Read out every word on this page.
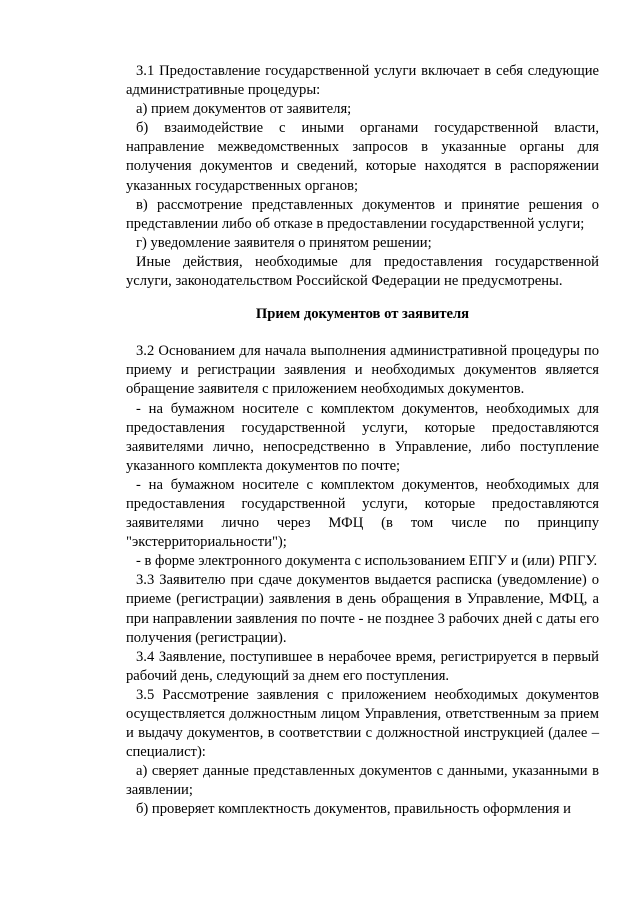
3.1 Предоставление государственной услуги включает в себя следующие административные процедуры:

а) прием документов от заявителя;

б) взаимодействие с иными органами государственной власти, направление межведомственных запросов в указанные органы для получения документов и сведений, которые находятся в распоряжении указанных государственных органов;

в) рассмотрение представленных документов и принятие решения о представлении либо об отказе в предоставлении государственной услуги;

г) уведомление заявителя о принятом решении;

Иные действия, необходимые для предоставления государственной услуги, законодательством Российской Федерации не предусмотрены.

Прием документов от заявителя

3.2 Основанием для начала выполнения административной процедуры по приему и регистрации заявления и необходимых документов является обращение заявителя с приложением необходимых документов.

- на бумажном носителе с комплектом документов, необходимых для предоставления государственной услуги, которые предоставляются заявителями лично, непосредственно в Управление, либо поступление указанного комплекта документов по почте;

- на бумажном носителе с комплектом документов, необходимых для предоставления государственной услуги, которые предоставляются заявителями лично через МФЦ (в том числе по принципу "экстерриториальности");

- в форме электронного документа с использованием ЕПГУ и (или) РПГУ.

3.3 Заявителю при сдаче документов выдается расписка (уведомление) о приеме (регистрации) заявления в день обращения в Управление, МФЦ, а при направлении заявления по почте - не позднее 3 рабочих дней с даты его получения (регистрации).

3.4 Заявление, поступившее в нерабочее время, регистрируется в первый рабочий день, следующий за днем его поступления.

3.5 Рассмотрение заявления с приложением необходимых документов осуществляется должностным лицом Управления, ответственным за прием и выдачу документов, в соответствии с должностной инструкцией (далее – специалист):

а) сверяет данные представленных документов с данными, указанными в заявлении;

б) проверяет комплектность документов, правильность оформления и
